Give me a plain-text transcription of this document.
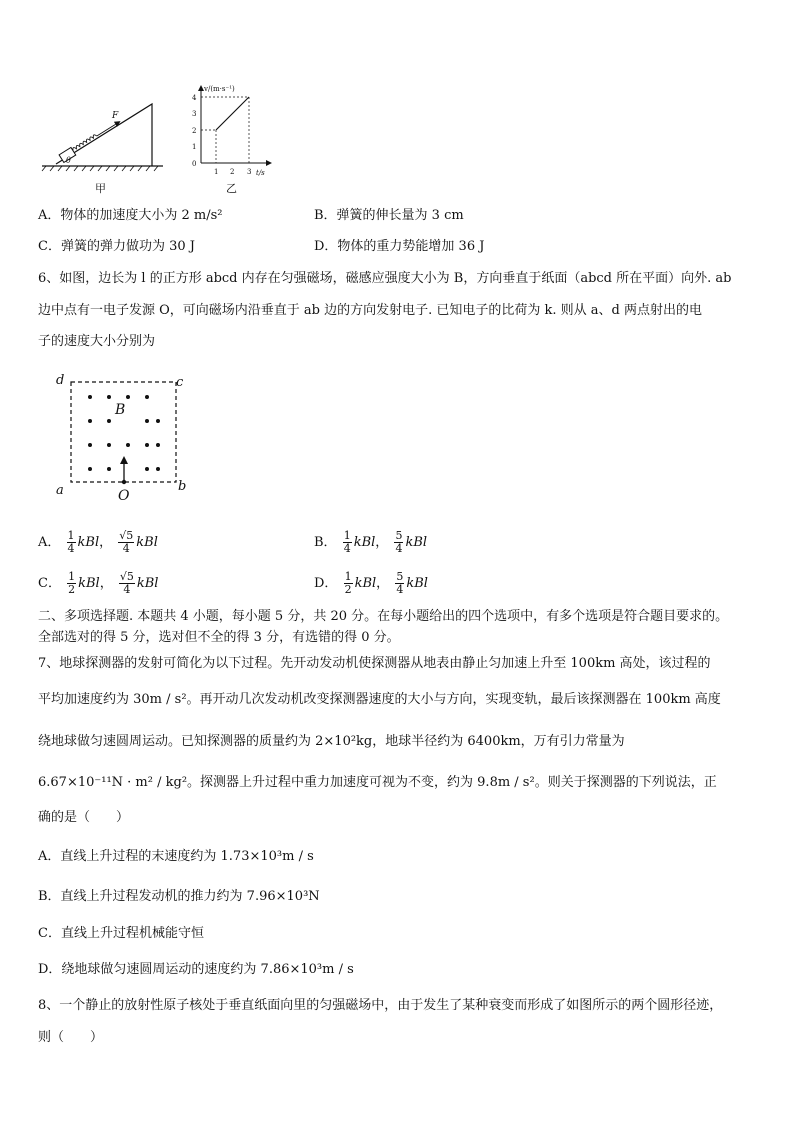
F
θ
甲
v/(m·s⁻¹)
t/s
4
3
2
1
0
1 2 3
乙
A．物体的加速度大小为 2 m/s²	B．弹簧的伸长量为 3 cm
C．弹簧的弹力做功为 30 J	D．物体的重力势能增加 36 J
6、如图，边长为 l 的正方形 abcd 内存在匀强磁场，磁感应强度大小为 B，方向垂直于纸面（abcd 所在平面）向外. ab
边中点有一电子发源 O，可向磁场内沿垂直于 ab 边的方向发射电子. 已知电子的比荷为 k. 则从 a、d 两点射出的电
子的速度大小分别为
d	c
a	b
B
O
A． $\frac{1}{4}$ kBl， $\frac{√5}{4}$ kBl	B． $\frac{1}{4}$ kBl， $\frac{5}{4}$ kBl
C． $\frac{1}{2}$ kBl， $\frac{√5}{4}$ kBl	D． $\frac{1}{2}$ kBl， $\frac{5}{4}$ kBl
二、多项选择题. 本题共 4 小题，每小题 5 分，共 20 分。在每小题给出的四个选项中，有多个选项是符合题目要求的。
全部选对的得 5 分，选对但不全的得 3 分，有选错的得 0 分。
7、地球探测器的发射可简化为以下过程。先开动发动机使探测器从地表由静止匀加速上升至 100km 高处，该过程的
平均加速度约为 30m / s²。再开动几次发动机改变探测器速度的大小与方向，实现变轨，最后该探测器在 100km 高度
绕地球做匀速圆周运动。已知探测器的质量约为 2×10²kg，地球半径约为 6400km，万有引力常量为
6.67×10⁻¹¹N · m² / kg²。探测器上升过程中重力加速度可视为不变，约为 9.8m / s²。则关于探测器的下列说法，正
确的是（　　）
A．直线上升过程的末速度约为 1.73×10³m / s
B．直线上升过程发动机的推力约为 7.96×10³N
C．直线上升过程机械能守恒
D．绕地球做匀速圆周运动的速度约为 7.86×10³m / s
8、一个静止的放射性原子核处于垂直纸面向里的匀强磁场中，由于发生了某种衰变而形成了如图所示的两个圆形径迹，
则（　　）
